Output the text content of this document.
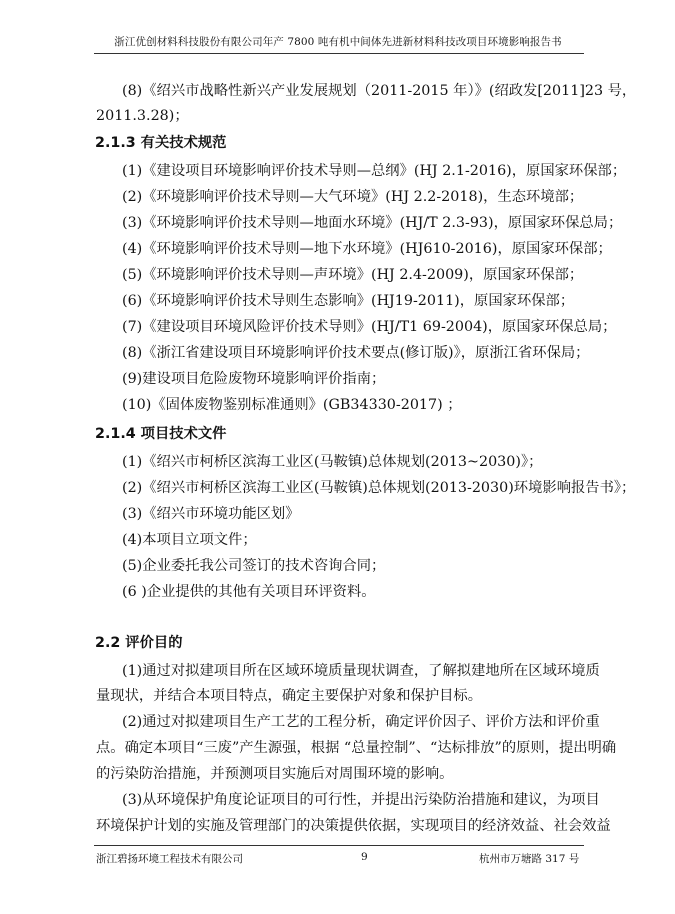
浙江优创材料科技股份有限公司年产 7800 吨有机中间体先进新材料科技改项目环境影响报告书
(8)《绍兴市战略性新兴产业发展规划（2011-2015 年）》(绍政发[2011]23 号，
2011.3.28)；
2.1.3 有关技术规范
(1)《建设项目环境影响评价技术导则—总纲》(HJ 2.1-2016)，原国家环保部；
(2)《环境影响评价技术导则—大气环境》(HJ 2.2-2018)，生态环境部；
(3)《环境影响评价技术导则—地面水环境》(HJ/T 2.3-93)，原国家环保总局；
(4)《环境影响评价技术导则—地下水环境》(HJ610-2016)，原国家环保部；
(5)《环境影响评价技术导则—声环境》(HJ 2.4-2009)，原国家环保部；
(6)《环境影响评价技术导则生态影响》(HJ19-2011)，原国家环保部；
(7)《建设项目环境风险评价技术导则》(HJ/T1 69-2004)，原国家环保总局；
(8)《浙江省建设项目环境影响评价技术要点(修订版)》，原浙江省环保局；
(9)建设项目危险废物环境影响评价指南；
(10)《固体废物鉴别标准通则》(GB34330-2017) ；
2.1.4 项目技术文件
(1)《绍兴市柯桥区滨海工业区(马鞍镇)总体规划(2013~2030)》；
(2)《绍兴市柯桥区滨海工业区(马鞍镇)总体规划(2013-2030)环境影响报告书》；
(3)《绍兴市环境功能区划》
(4)本项目立项文件；
(5)企业委托我公司签订的技术咨询合同；
(6 )企业提供的其他有关项目环评资料。
2.2 评价目的
(1)通过对拟建项目所在区域环境质量现状调查，了解拟建地所在区域环境质
量现状，并结合本项目特点，确定主要保护对象和保护目标。
(2)通过对拟建项目生产工艺的工程分析，确定评价因子、评价方法和评价重
点。确定本项目“三废”产生源强，根据 “总量控制”、“达标排放”的原则，提出明确
的污染防治措施，并预测项目实施后对周围环境的影响。
(3)从环境保护角度论证项目的可行性，并提出污染防治措施和建议，为项目
环境保护计划的实施及管理部门的决策提供依据，实现项目的经济效益、社会效益
浙江碧扬环境工程技术有限公司	9	杭州市万塘路 317 号
